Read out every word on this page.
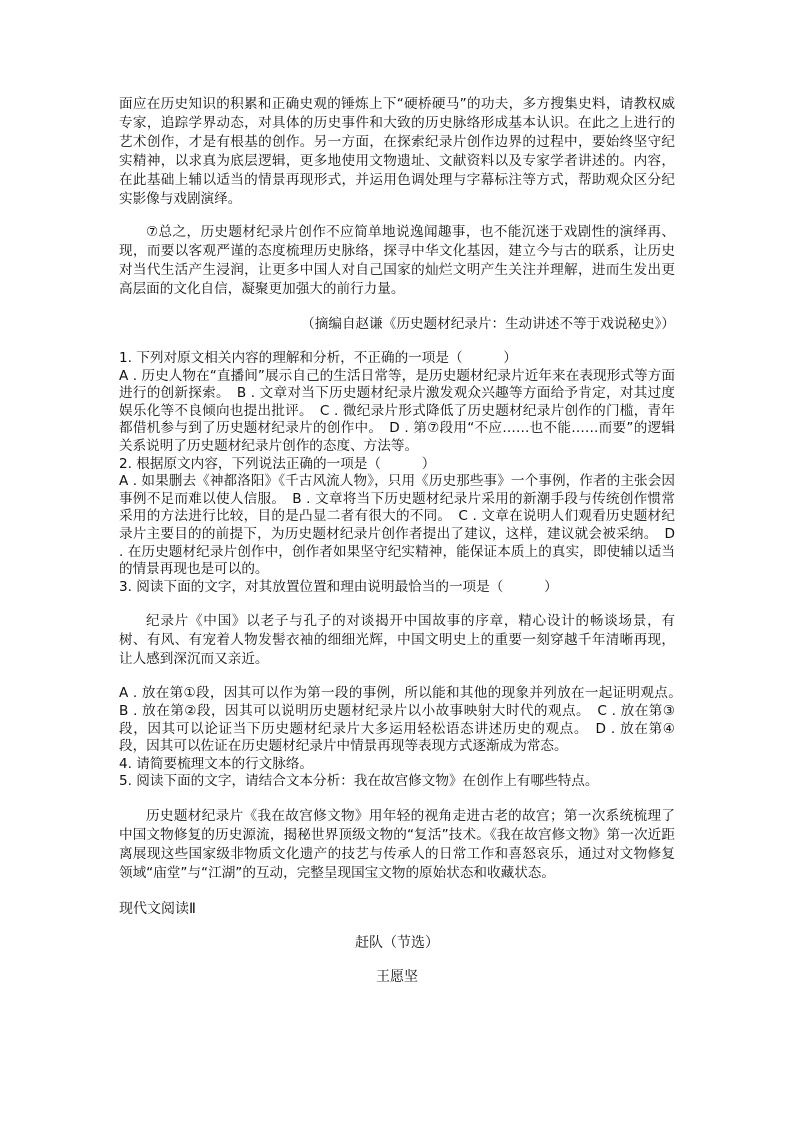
面应在历史知识的积累和正确史观的锤炼上下“硬桥硬马”的功夫，多方搜集史料，请教权威专家，追踪学界动态，对具体的历史事件和大致的历史脉络形成基本认识。在此之上进行的艺术创作，才是有根基的创作。另一方面，在探索纪录片创作边界的过程中，要始终坚守纪实精神，以求真为底层逻辑，更多地使用文物遗址、文献资料以及专家学者讲述的。内容，在此基础上辅以适当的情景再现形式，并运用色调处理与字幕标注等方式，帮助观众区分纪实影像与戏剧演绎。

⑦总之，历史题材纪录片创作不应简单地说逸闻趣事，也不能沉迷于戏剧性的演绎再、现，而要以客观严谨的态度梳理历史脉络，探寻中华文化基因，建立今与古的联系，让历史对当代生活产生浸润，让更多中国人对自己国家的灿烂文明产生关注并理解，进而生发出更高层面的文化自信，凝聚更加强大的前行力量。

（摘编自赵谦《历史题材纪录片：生动讲述不等于戏说秘史》）

1. 下列对原文相关内容的理解和分析，不正确的一项是（　　　）

A . 历史人物在“直播间”展示自己的生活日常等，是历史题材纪录片近年来在表现形式等方面进行的创新探索。　B . 文章对当下历史题材纪录片激发观众兴趣等方面给予肯定，对其过度娱乐化等不良倾向也提出批评。　C . 微纪录片形式降低了历史题材纪录片创作的门槛，青年都借机参与到了历史题材纪录片的创作中。　D . 第⑦段用“不应……也不能……而要”的逻辑关系说明了历史题材纪录片创作的态度、方法等。

2. 根据原文内容，下列说法正确的一项是（　　　）

A . 如果删去《神都洛阳》《千古风流人物》，只用《历史那些事》一个事例，作者的主张会因事例不足而难以使人信服。　B . 文章将当下历史题材纪录片采用的新潮手段与传统创作惯常采用的方法进行比较，目的是凸显二者有很大的不同。　C . 文章在说明人们观看历史题材纪录片主要目的的前提下，为历史题材纪录片创作者提出了建议，这样，建议就会被采纳。　D . 在历史题材纪录片创作中，创作者如果坚守纪实精神，能保证本质上的真实，即使辅以适当的情景再现也是可以的。

3. 阅读下面的文字，对其放置位置和理由说明最恰当的一项是（　　　）

纪录片《中国》以老子与孔子的对谈揭开中国故事的序章，精心设计的畅谈场景，有树、有风、有宠着人物发髻衣袖的细细光辉，中国文明史上的重要一刻穿越千年清晰再现，让人感到深沉而又亲近。

A . 放在第①段，因其可以作为第一段的事例，所以能和其他的现象并列放在一起证明观点。　B . 放在第②段，因其可以说明历史题材纪录片以小故事映射大时代的观点。　C . 放在第③段，因其可以论证当下历史题材纪录片大多运用轻松语态讲述历史的观点。　D . 放在第④段，因其可以佐证在历史题材纪录片中情景再现等表现方式逐渐成为常态。

4. 请简要梳理文本的行文脉络。

5. 阅读下面的文字，请结合文本分析：我在故宫修文物》在创作上有哪些特点。

历史题材纪录片《我在故宫修文物》用年轻的视角走进古老的故宫；第一次系统梳理了中国文物修复的历史源流，揭秘世界顶级文物的“复活”技术。《我在故宫修文物》第一次近距离展现这些国家级非物质文化遗产的技艺与传承人的日常工作和喜怒哀乐，通过对文物修复领域“庙堂”与“江湖”的互动，完整呈现国宝文物的原始状态和收藏状态。

现代文阅读Ⅱ

赶队（节选）

王愿坚
